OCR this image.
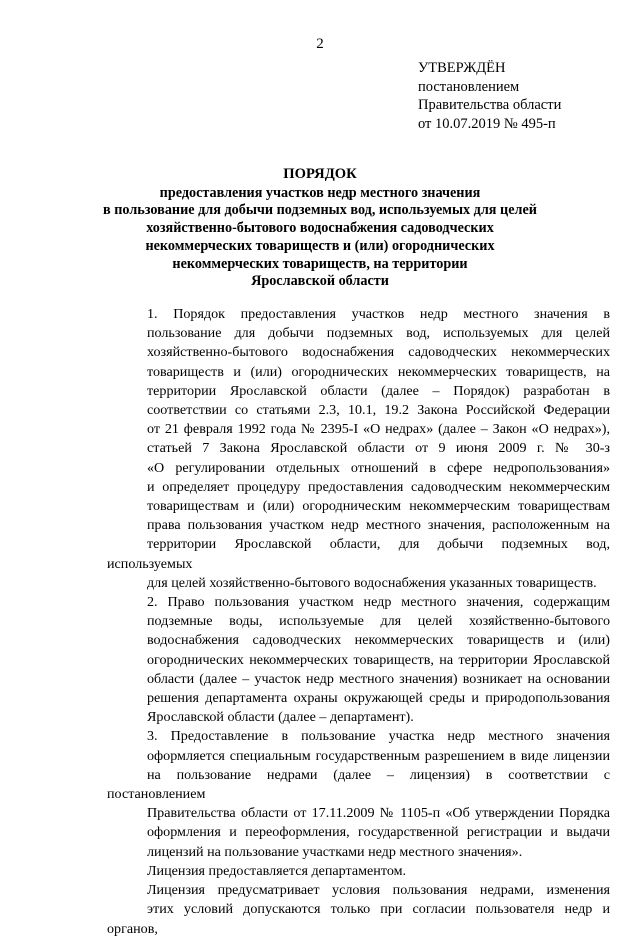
2
УТВЕРЖДЁН
постановлением
Правительства области
от 10.07.2019 № 495-п
ПОРЯДОК
предоставления участков недр местного значения
в пользование для добычи подземных вод, используемых для целей
хозяйственно-бытового водоснабжения садоводческих
некоммерческих товариществ и (или) огороднических
некоммерческих товариществ, на территории
Ярославской области

1. Порядок предоставления участков недр местного значения в
пользование для добычи подземных вод, используемых для целей
хозяйственно-бытового водоснабжения садоводческих некоммерческих
товариществ и (или) огороднических некоммерческих товариществ, на
территории Ярославской области (далее – Порядок) разработан в
соответствии со статьями 2.3, 10.1, 19.2 Закона Российской Федерации
от 21 февраля 1992 года № 2395-I «О недрах» (далее – Закон «О недрах»),
статьей 7 Закона Ярославской области от 9 июня 2009 г. № 30-з
«О регулировании отдельных отношений в сфере недропользования»
и определяет процедуру предоставления садоводческим некоммерческим
товариществам и (или) огородническим некоммерческим товариществам
права пользования участком недр местного значения, расположенным на
территории Ярославской области, для добычи подземных вод, используемых
для целей хозяйственно-бытового водоснабжения указанных товариществ.

2. Право пользования участком недр местного значения, содержащим
подземные воды, используемые для целей хозяйственно-бытового
водоснабжения садоводческих некоммерческих товариществ и (или)
огороднических некоммерческих товариществ, на территории Ярославской
области (далее – участок недр местного значения) возникает на основании
решения департамента охраны окружающей среды и природопользования
Ярославской области (далее – департамент).

3. Предоставление в пользование участка недр местного значения
оформляется специальным государственным разрешением в виде лицензии
на пользование недрами (далее – лицензия) в соответствии с постановлением
Правительства области от 17.11.2009 № 1105-п «Об утверждении Порядка
оформления и переоформления, государственной регистрации и выдачи
лицензий на пользование участками недр местного значения».

Лицензия предоставляется департаментом.

Лицензия предусматривает условия пользования недрами, изменения
этих условий допускаются только при согласии пользователя недр и органов,
